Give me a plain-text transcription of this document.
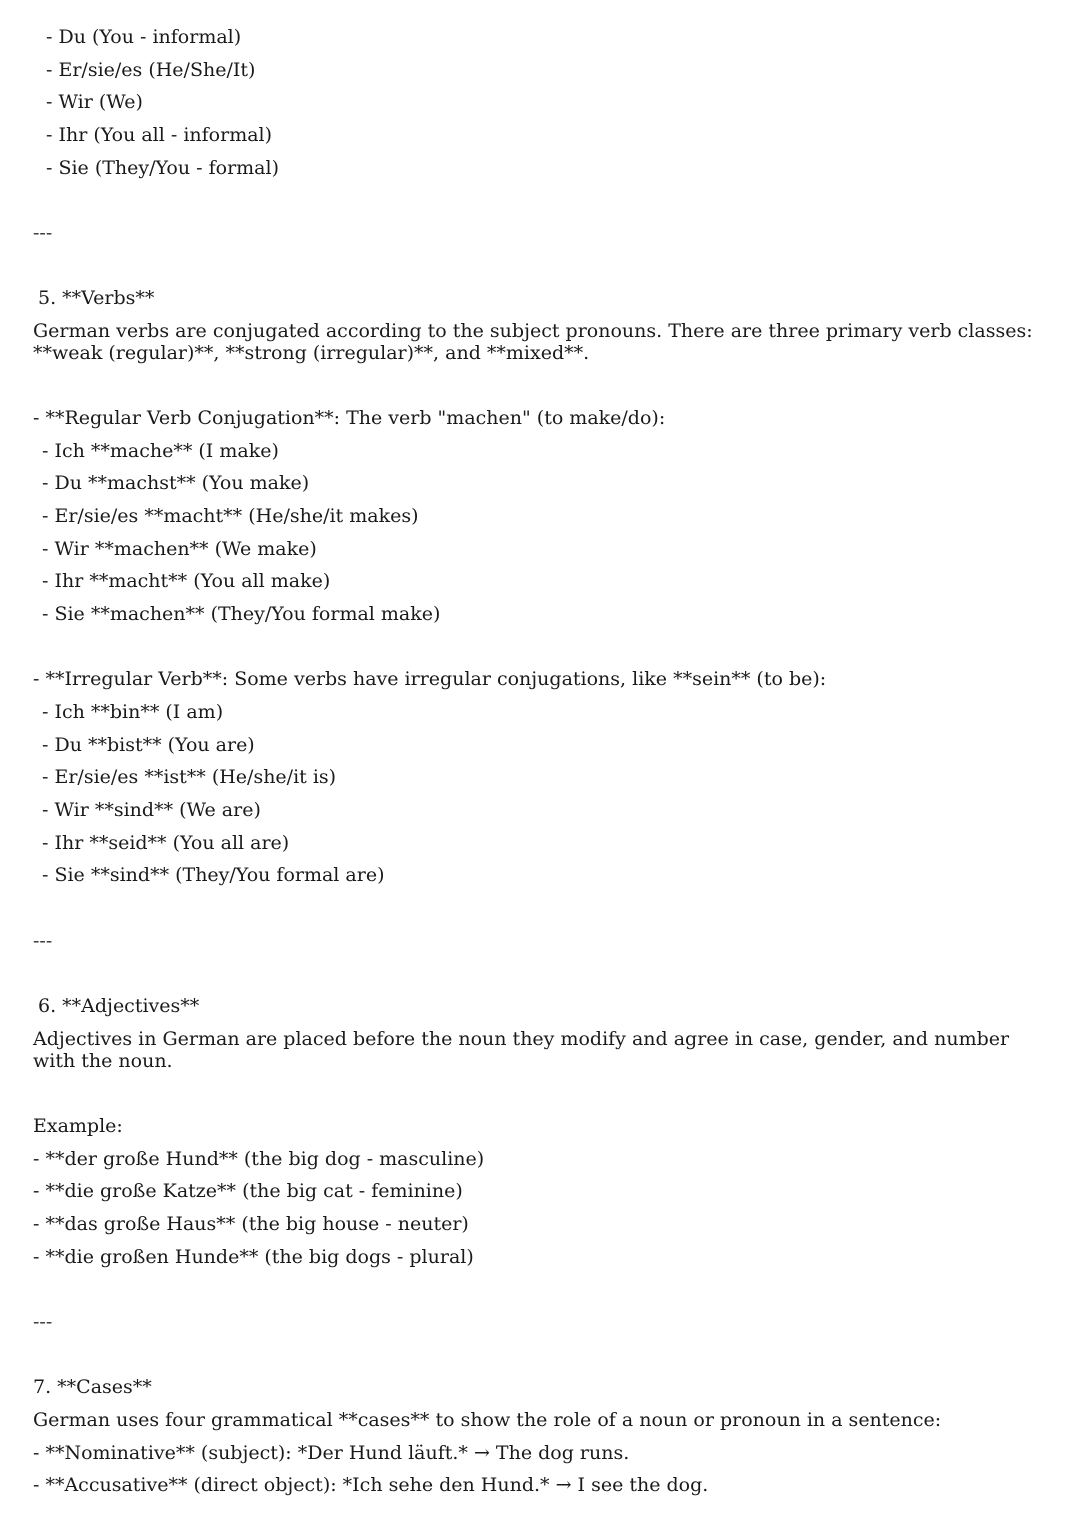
- Du (You - informal)
- Er/sie/es (He/She/It)
- Wir (We)
- Ihr (You all - informal)
- Sie (They/You - formal)
---
5. **Verbs**
German verbs are conjugated according to the subject pronouns. There are three primary verb classes: **weak (regular)**, **strong (irregular)**, and **mixed**.
- **Regular Verb Conjugation**: The verb "machen" (to make/do):
- Ich **mache** (I make)
- Du **machst** (You make)
- Er/sie/es **macht** (He/she/it makes)
- Wir **machen** (We make)
- Ihr **macht** (You all make)
- Sie **machen** (They/You formal make)
- **Irregular Verb**: Some verbs have irregular conjugations, like **sein** (to be):
- Ich **bin** (I am)
- Du **bist** (You are)
- Er/sie/es **ist** (He/she/it is)
- Wir **sind** (We are)
- Ihr **seid** (You all are)
- Sie **sind** (They/You formal are)
---
6. **Adjectives**
Adjectives in German are placed before the noun they modify and agree in case, gender, and number with the noun.
Example:
- **der große Hund** (the big dog - masculine)
- **die große Katze** (the big cat - feminine)
- **das große Haus** (the big house - neuter)
- **die großen Hunde** (the big dogs - plural)
---
7. **Cases**
German uses four grammatical **cases** to show the role of a noun or pronoun in a sentence:
- **Nominative** (subject): *Der Hund läuft.* → The dog runs.
- **Accusative** (direct object): *Ich sehe den Hund.* → I see the dog.
